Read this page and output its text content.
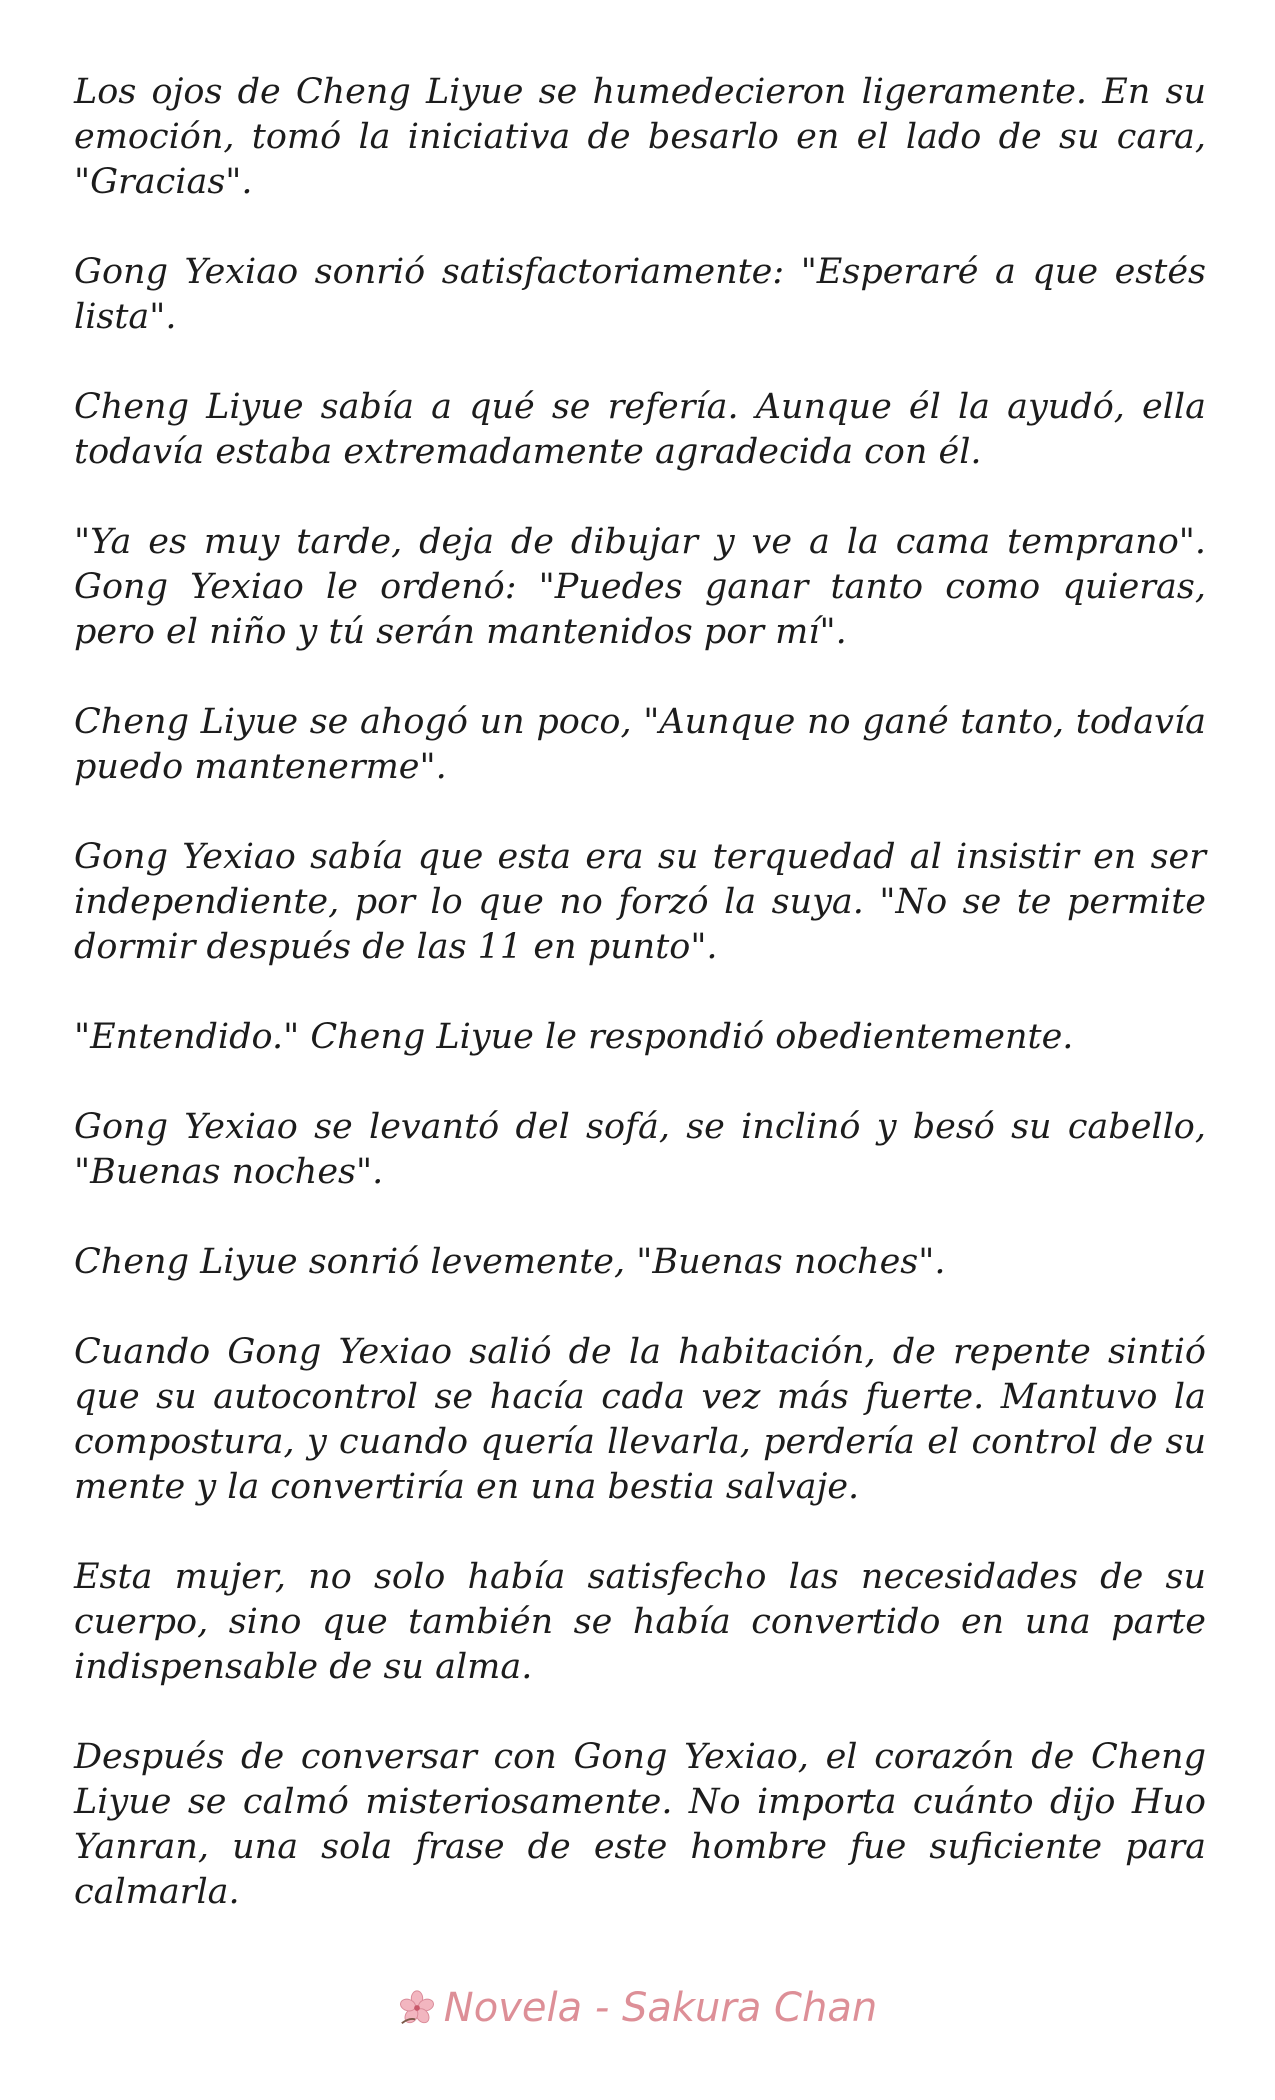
Los ojos de Cheng Liyue se humedecieron ligeramente. En su emoción, tomó la iniciativa de besarlo en el lado de su cara, "Gracias".

Gong Yexiao sonrió satisfactoriamente: "Esperaré a que estés lista".

Cheng Liyue sabía a qué se refería. Aunque él la ayudó, ella todavía estaba extremadamente agradecida con él.

"Ya es muy tarde, deja de dibujar y ve a la cama temprano". Gong Yexiao le ordenó: "Puedes ganar tanto como quieras, pero el niño y tú serán mantenidos por mí".

Cheng Liyue se ahogó un poco, "Aunque no gané tanto, todavía puedo mantenerme".

Gong Yexiao sabía que esta era su terquedad al insistir en ser independiente, por lo que no forzó la suya. "No se te permite dormir después de las 11 en punto".

"Entendido." Cheng Liyue le respondió obedientemente.

Gong Yexiao se levantó del sofá, se inclinó y besó su cabello, "Buenas noches".

Cheng Liyue sonrió levemente, "Buenas noches".

Cuando Gong Yexiao salió de la habitación, de repente sintió que su autocontrol se hacía cada vez más fuerte. Mantuvo la compostura, y cuando quería llevarla, perdería el control de su mente y la convertiría en una bestia salvaje.

Esta mujer, no solo había satisfecho las necesidades de su cuerpo, sino que también se había convertido en una parte indispensable de su alma.

Después de conversar con Gong Yexiao, el corazón de Cheng Liyue se calmó misteriosamente. No importa cuánto dijo Huo Yanran, una sola frase de este hombre fue suficiente para calmarla.

Novela - Sakura Chan
